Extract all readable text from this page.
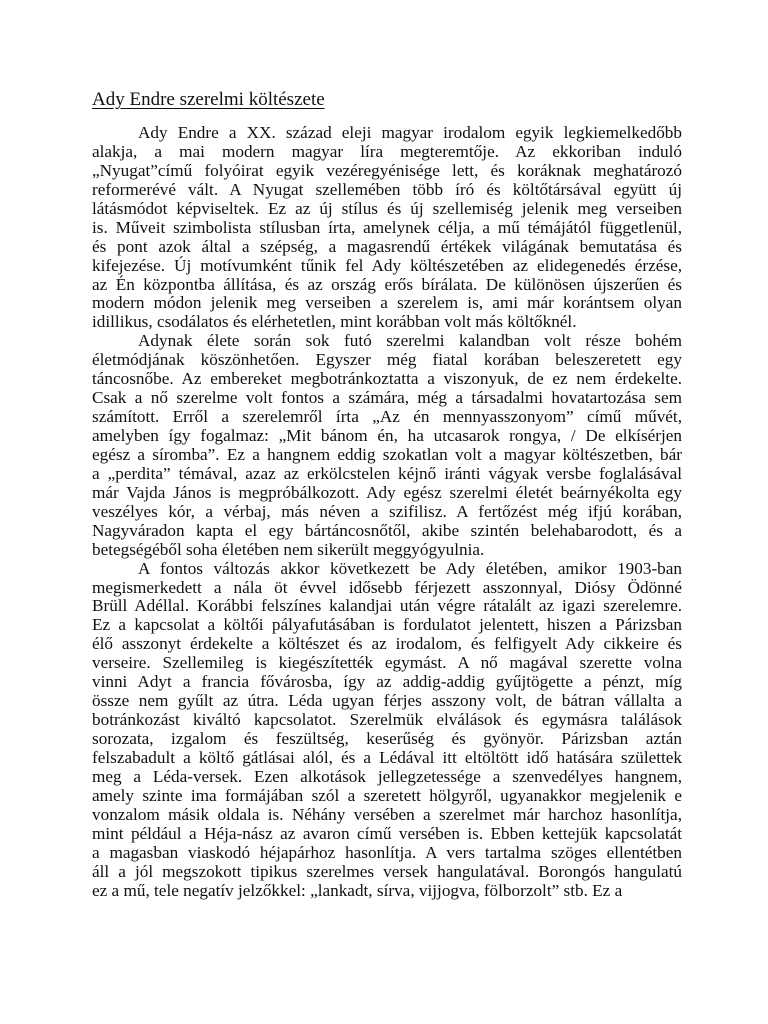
Ady Endre szerelmi költészete
Ady Endre a XX. század eleji magyar irodalom egyik legkiemelkedőbb
alakja, a mai modern magyar líra megteremtője. Az ekkoriban induló
„Nyugat”című folyóirat egyik vezéregyénisége lett, és koráknak meghatározó
reformerévé vált. A Nyugat szellemében több író és költőtársával együtt új
látásmódot képviseltek. Ez az új stílus és új szellemiség jelenik meg verseiben
is. Műveit szimbolista stílusban írta, amelynek célja, a mű témájától függetlenül,
és pont azok által a szépség, a magasrendű értékek világának bemutatása és
kifejezése. Új motívumként tűnik fel Ady költészetében az elidegenedés érzése,
az Én központba állítása, és az ország erős bírálata. De különösen újszerűen és
modern módon jelenik meg verseiben a szerelem is, ami már korántsem olyan
idillikus, csodálatos és elérhetetlen, mint korábban volt más költőknél.
Adynak élete során sok futó szerelmi kalandban volt része bohém
életmódjának köszönhetően. Egyszer még fiatal korában beleszeretett egy
táncosnőbe. Az embereket megbotránkoztatta a viszonyuk, de ez nem érdekelte.
Csak a nő szerelme volt fontos a számára, még a társadalmi hovatartozása sem
számított. Erről a szerelemről írta „Az én mennyasszonyom” című művét,
amelyben így fogalmaz: „Mit bánom én, ha utcasarok rongya, / De elkísérjen
egész a síromba”. Ez a hangnem eddig szokatlan volt a magyar költészetben, bár
a „perdita” témával, azaz az erkölcstelen kéjnő iránti vágyak versbe foglalásával
már Vajda János is megpróbálkozott. Ady egész szerelmi életét beárnyékolta egy
veszélyes kór, a vérbaj, más néven a szifilisz. A fertőzést még ifjú korában,
Nagyváradon kapta el egy bártáncosnőtől, akibe szintén belehabarodott, és a
betegségéből soha életében nem sikerült meggyógyulnia.
A fontos változás akkor következett be Ady életében, amikor 1903-ban
megismerkedett a nála öt évvel idősebb férjezett asszonnyal, Diósy Ödönné
Brüll Adéllal. Korábbi felszínes kalandjai után végre rátalált az igazi szerelemre.
Ez a kapcsolat a költői pályafutásában is fordulatot jelentett, hiszen a Párizsban
élő asszonyt érdekelte a költészet és az irodalom, és felfigyelt Ady cikkeire és
verseire. Szellemileg is kiegészítették egymást. A nő magával szerette volna
vinni Adyt a francia fővárosba, így az addig-addig gyűjtögette a pénzt, míg
össze nem gyűlt az útra. Léda ugyan férjes asszony volt, de bátran vállalta a
botránkozást kiváltó kapcsolatot. Szerelmük elválások és egymásra találások
sorozata, izgalom és feszültség, keserűség és gyönyör. Párizsban aztán
felszabadult a költő gátlásai alól, és a Lédával itt eltöltött idő hatására születtek
meg a Léda-versek. Ezen alkotások jellegzetessége a szenvedélyes hangnem,
amely szinte ima formájában szól a szeretett hölgyről, ugyanakkor megjelenik e
vonzalom másik oldala is. Néhány versében a szerelmet már harchoz hasonlítja,
mint például a Héja-nász az avaron című versében is. Ebben kettejük kapcsolatát
a magasban viaskodó héjapárhoz hasonlítja. A vers tartalma szöges ellentétben
áll a jól megszokott tipikus szerelmes versek hangulatával. Borongós hangulatú
ez a mű, tele negatív jelzőkkel: „lankadt, sírva, vijjogva, fölborzolt” stb. Ez a
